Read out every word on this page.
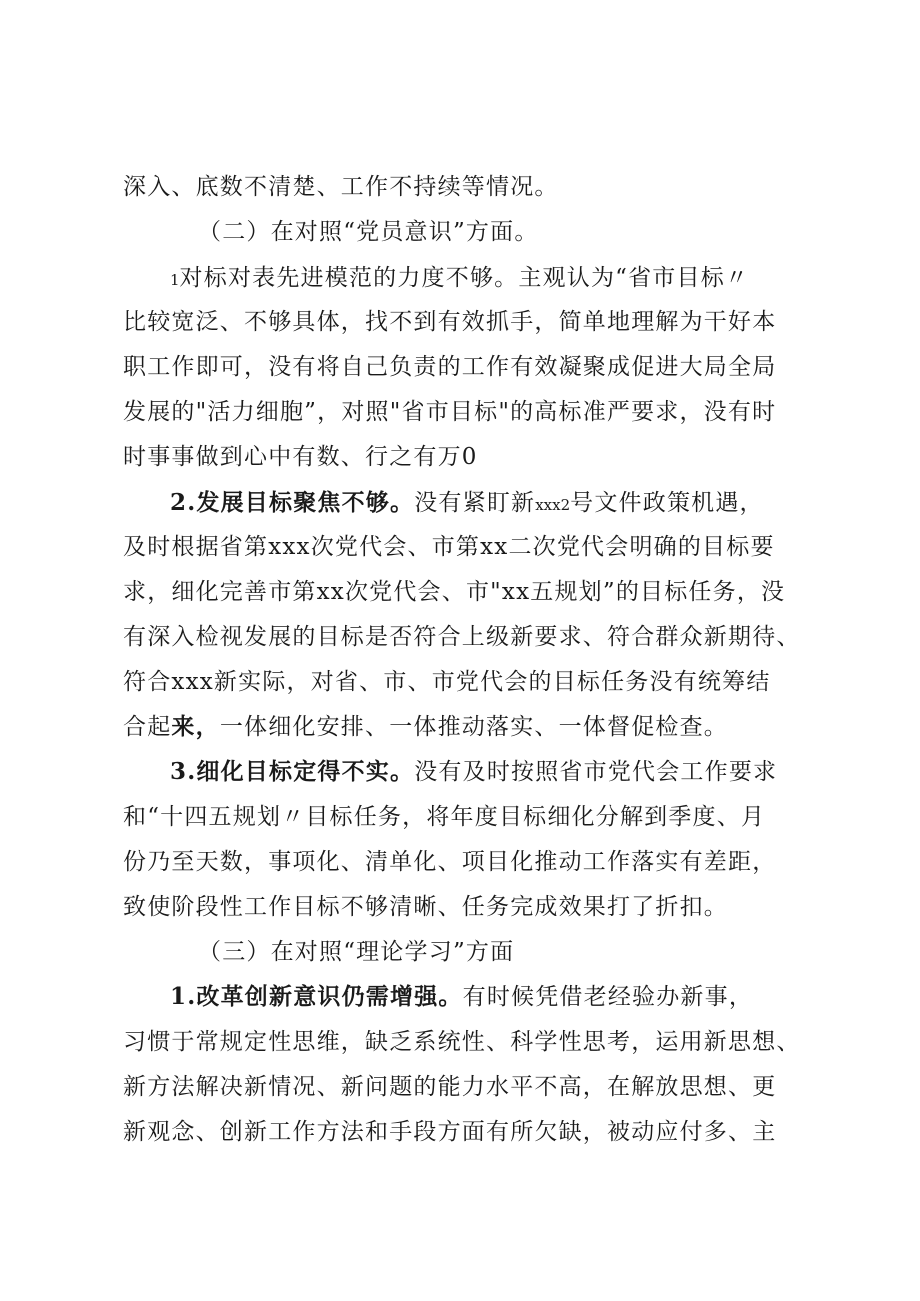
深入、底数不清楚、工作不持续等情况。
（二）在对照“党员意识”方面。
1对标对表先进模范的力度不够。主观认为“省市目标〃
比较宽泛、不够具体，找不到有效抓手，简单地理解为干好本
职工作即可，没有将自己负责的工作有效凝聚成促进大局全局
发展的"活力细胞”，对照"省市目标"的高标准严要求，没有时
时事事做到心中有数、行之有万0
2.发展目标聚焦不够。没有紧盯新xxx2号文件政策机遇，
及时根据省第xxx次党代会、市第xx二次党代会明确的目标要
求，细化完善市第xx次党代会、市"xx五规划”的目标任务，没
有深入检视发展的目标是否符合上级新要求、符合群众新期待、
符合xxx新实际，对省、市、市党代会的目标任务没有统筹结
合起来，一体细化安排、一体推动落实、一体督促检查。
3.细化目标定得不实。没有及时按照省市党代会工作要求
和“十四五规划〃目标任务，将年度目标细化分解到季度、月
份乃至天数，事项化、清单化、项目化推动工作落实有差距，
致使阶段性工作目标不够清晰、任务完成效果打了折扣。
（三）在对照“理论学习”方面
1.改革创新意识仍需增强。有时候凭借老经验办新事，
习惯于常规定性思维，缺乏系统性、科学性思考，运用新思想、
新方法解决新情况、新问题的能力水平不高，在解放思想、更
新观念、创新工作方法和手段方面有所欠缺，被动应付多、主
